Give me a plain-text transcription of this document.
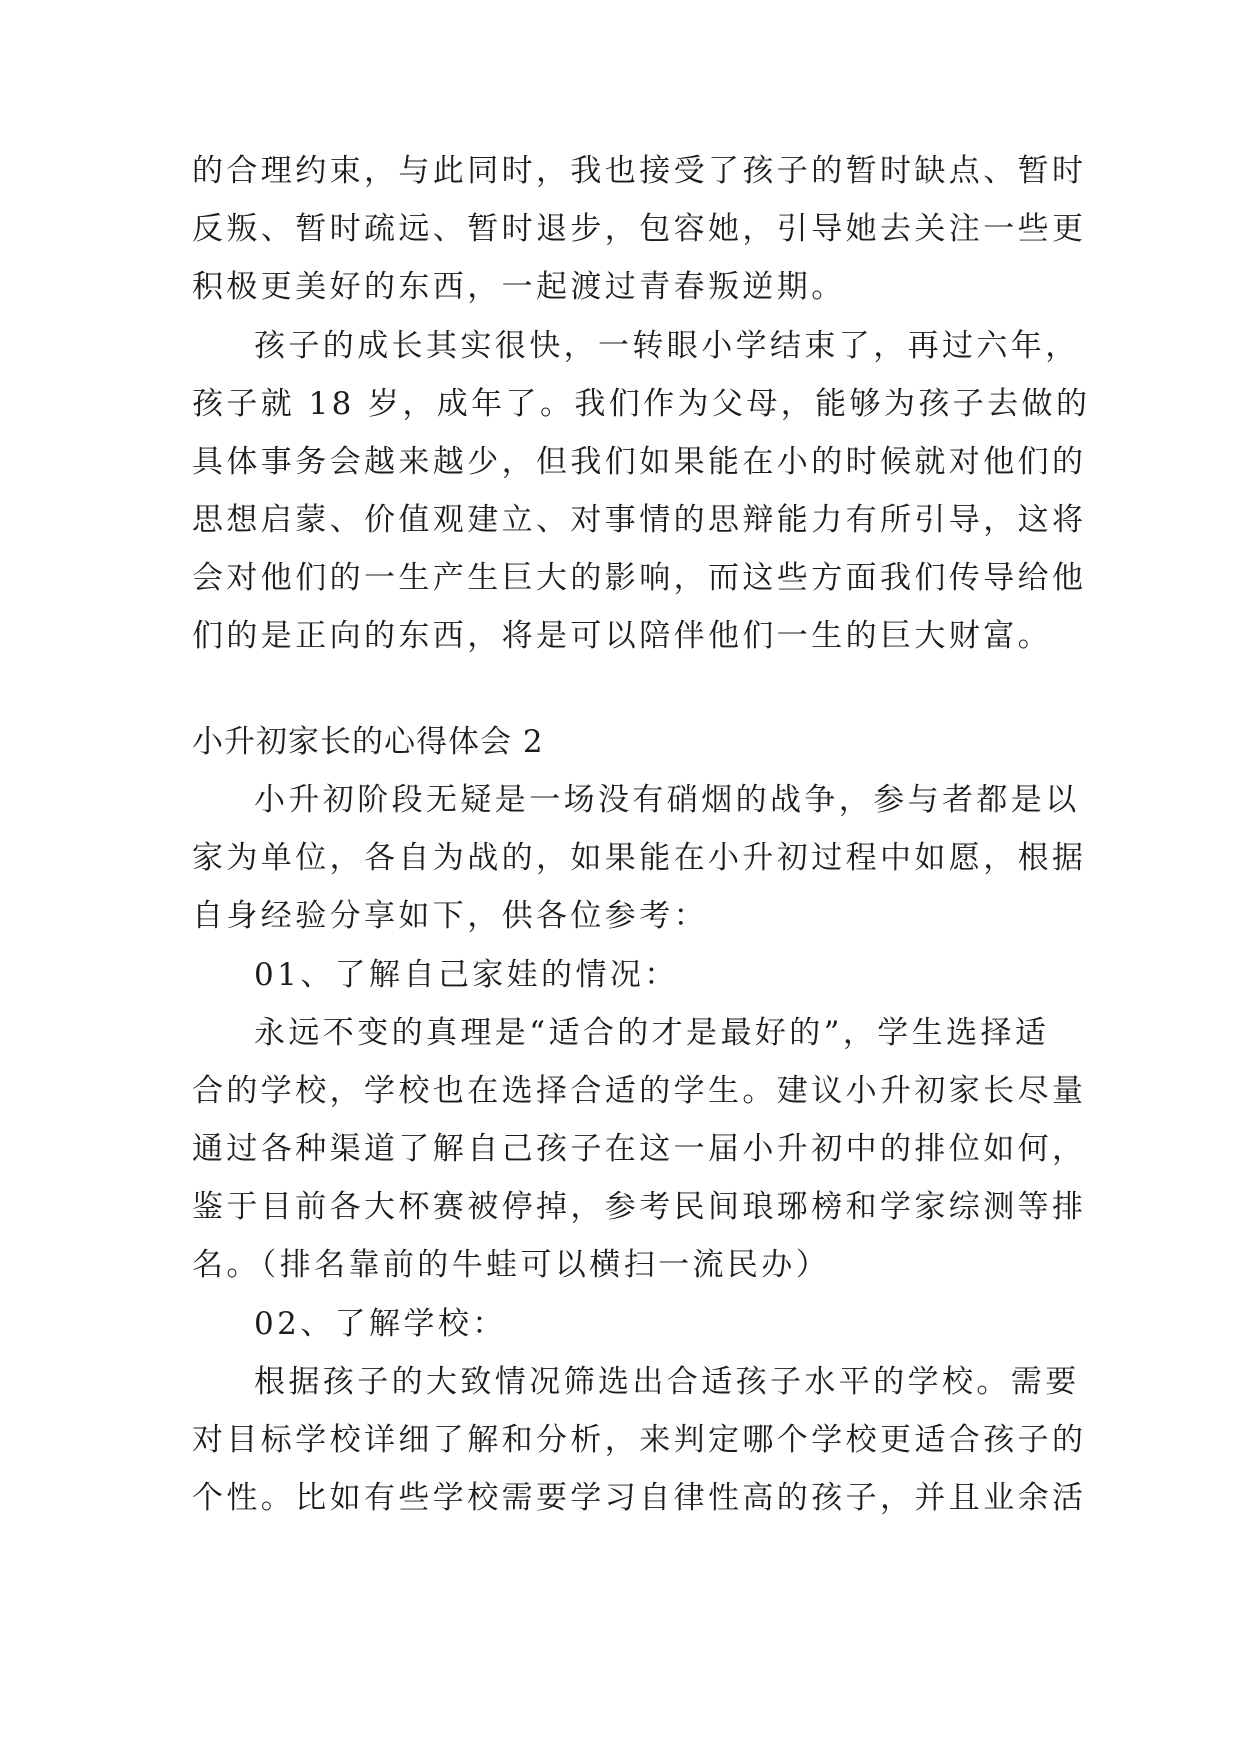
的合理约束，与此同时，我也接受了孩子的暂时缺点、暂时
反叛、暂时疏远、暂时退步，包容她，引导她去关注一些更
积极更美好的东西，一起渡过青春叛逆期。
孩子的成长其实很快，一转眼小学结束了，再过六年，
孩子就 18 岁，成年了。我们作为父母，能够为孩子去做的
具体事务会越来越少，但我们如果能在小的时候就对他们的
思想启蒙、价值观建立、对事情的思辩能力有所引导，这将
会对他们的一生产生巨大的影响，而这些方面我们传导给他
们的是正向的东西，将是可以陪伴他们一生的巨大财富。
小升初家长的心得体会 2
小升初阶段无疑是一场没有硝烟的战争，参与者都是以
家为单位，各自为战的，如果能在小升初过程中如愿，根据
自身经验分享如下，供各位参考：
01、了解自己家娃的情况：
永远不变的真理是“适合的才是最好的”，学生选择适
合的学校，学校也在选择合适的学生。建议小升初家长尽量
通过各种渠道了解自己孩子在这一届小升初中的排位如何，
鉴于目前各大杯赛被停掉，参考民间琅琊榜和学家综测等排
名。（排名靠前的牛蛙可以横扫一流民办）
02、了解学校：
根据孩子的大致情况筛选出合适孩子水平的学校。需要
对目标学校详细了解和分析，来判定哪个学校更适合孩子的
个性。比如有些学校需要学习自律性高的孩子，并且业余活
